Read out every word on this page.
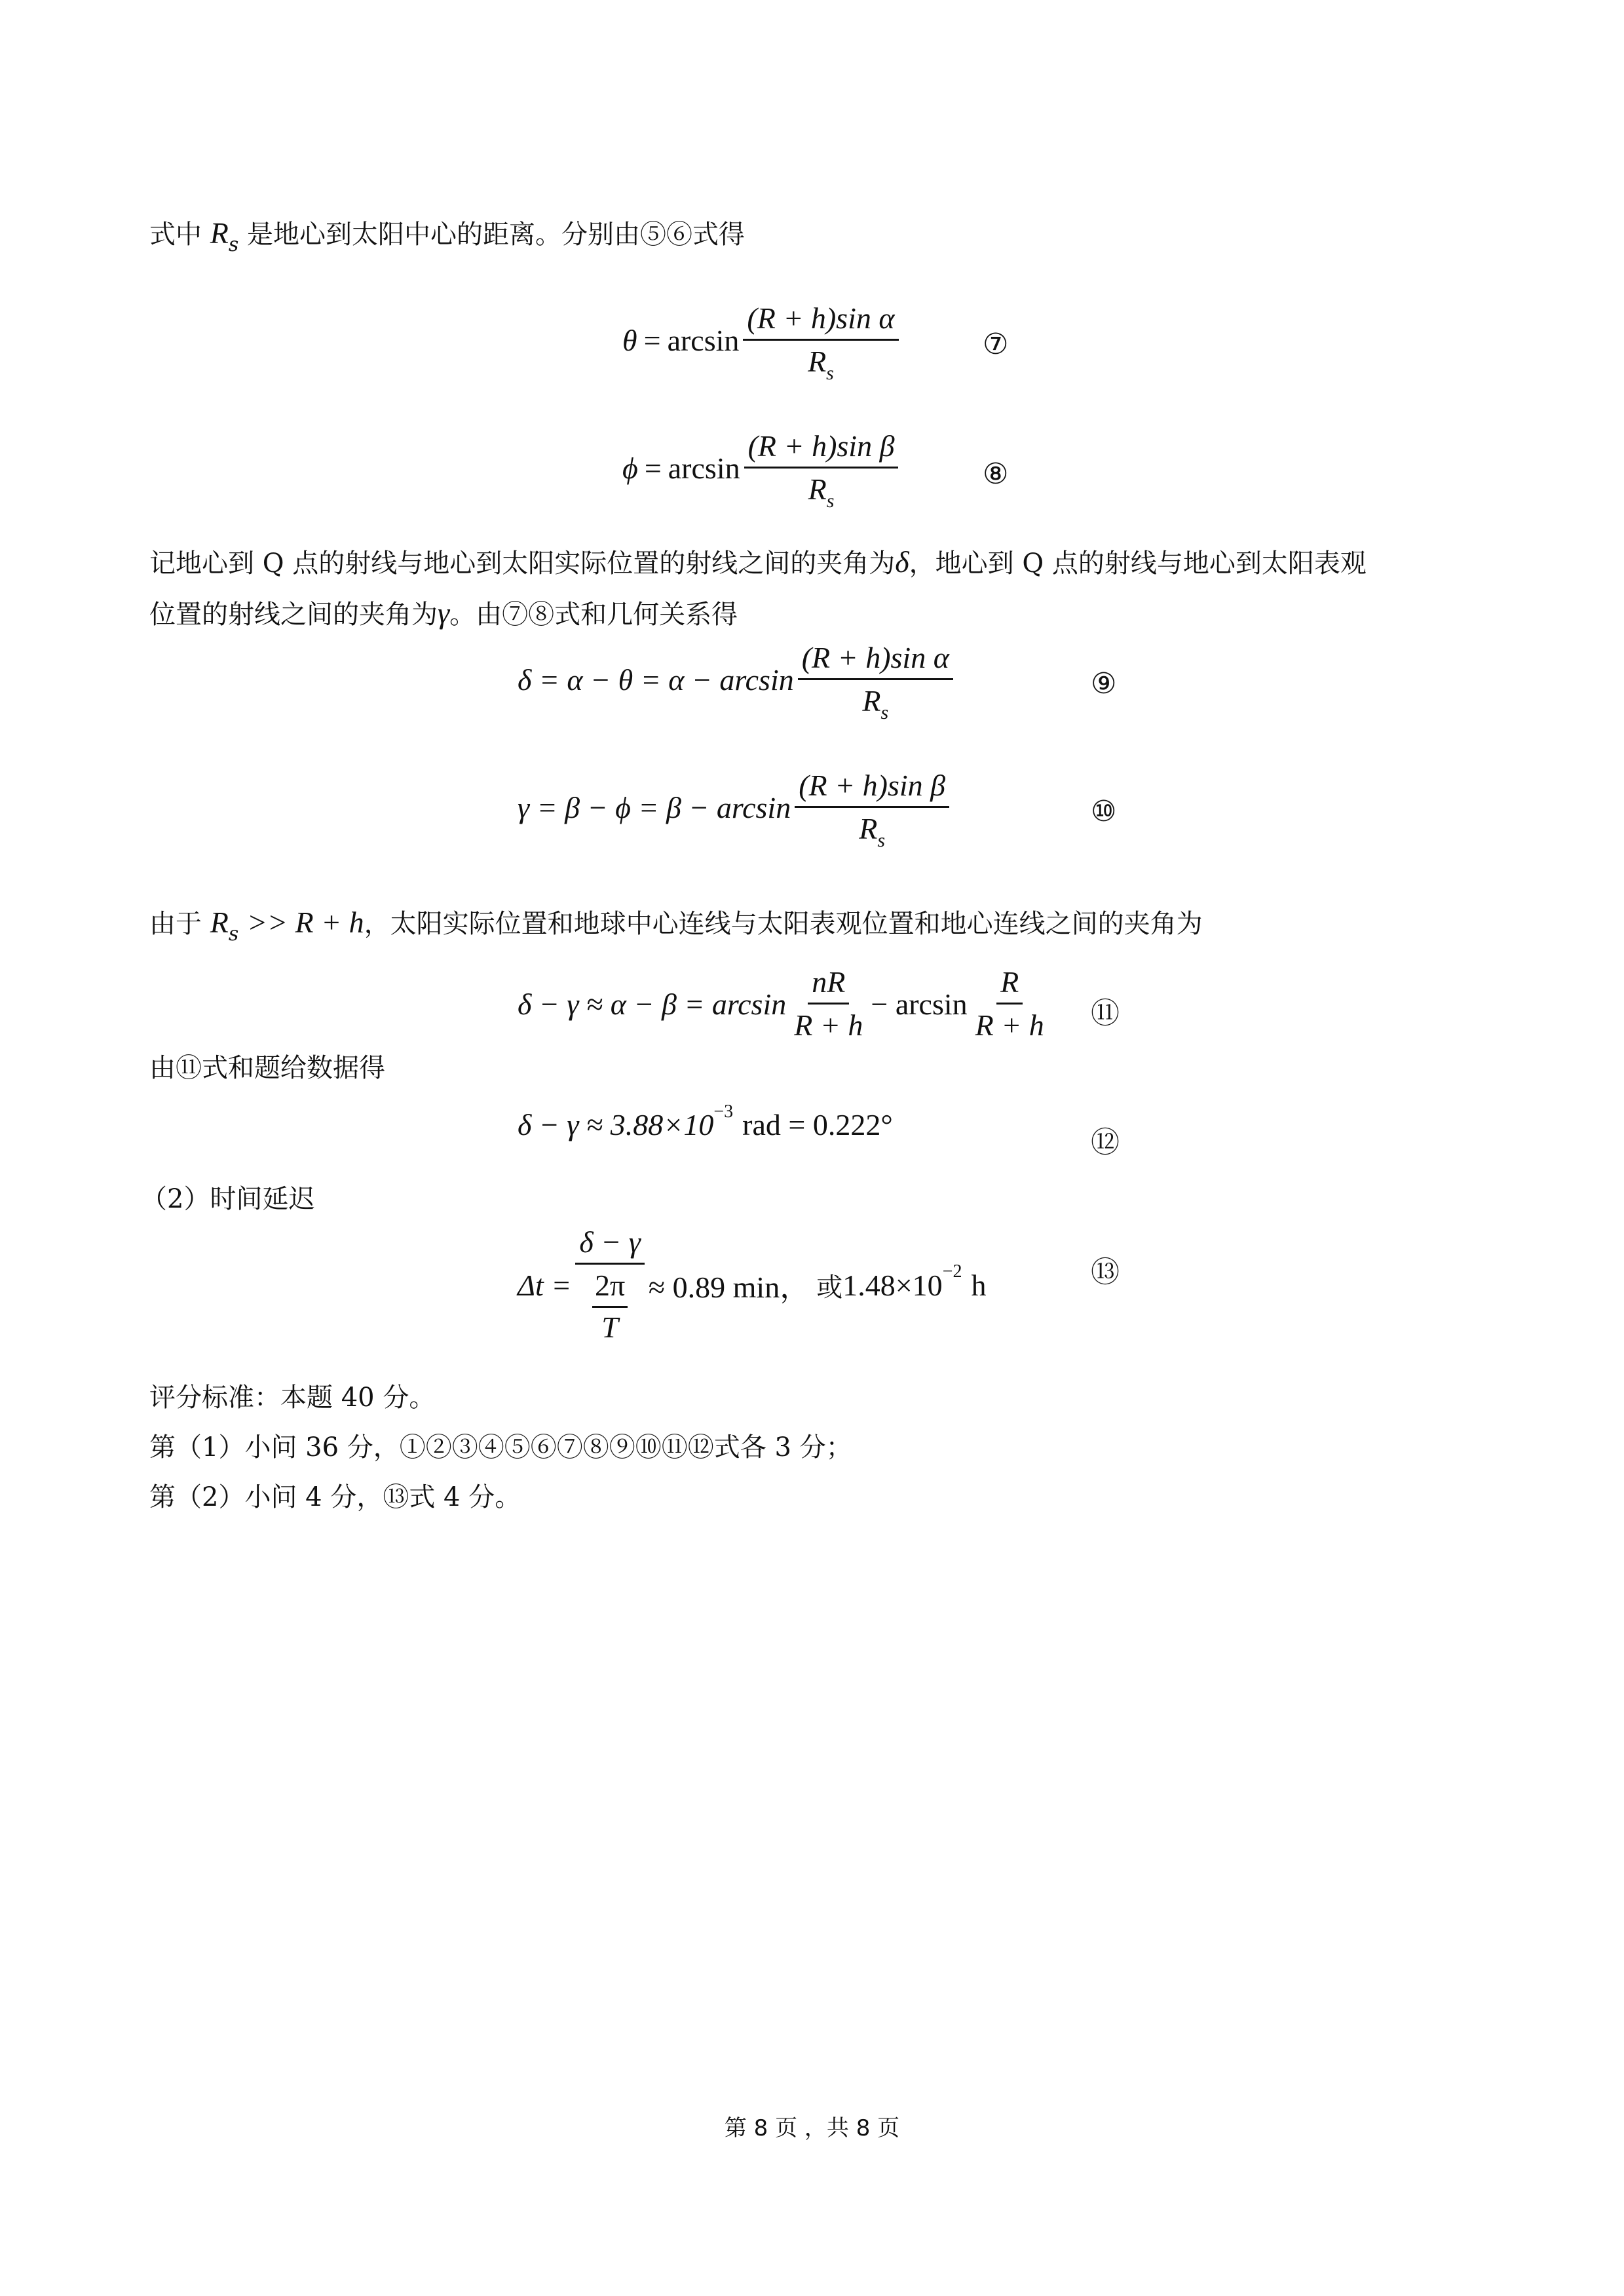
式中 $R_s$ 是地心到太阳中心的距离。分别由⑤⑥式得
$\theta = \arcsin \frac{\text{(R + h)sin α}}{R_s}$	⑦
$\phi = \arcsin \frac{\text{(R + h)sin β}}{R_s}$	⑧
记地心到 Q 点的射线与地心到太阳实际位置的射线之间的夹角为δ，地心到 Q 点的射线与地心到太阳表观
位置的射线之间的夹角为γ。由⑦⑧式和几何关系得
$\delta = \alpha - \theta = \alpha - \arcsin \frac{\text{(R + h)sin α}}{R_s}$	⑨
$\gamma = \beta - \phi = \beta - \arcsin \frac{\text{(R + h)sin β}}{R_s}$	⑩
由于 $R_s >> R + h$，太阳实际位置和地球中心连线与太阳表观位置和地心连线之间的夹角为
$\delta - \gamma \approx \alpha - \beta = \arcsin \frac{nR}{R + h} - \arcsin \frac{R}{R + h}$ ⑪
由⑪式和题给数据得
δ − γ ≈ 3.88×10 −3 rad = 0.222°
⑫
（2）时间延迟
$\Delta t = \frac{\delta - \gamma}{\frac{2\pi}{T}} \approx 0.89$ min， 或 1.48×10 −2 h	⑬
评分标准：本题 40 分。
第（1）小问 36 分，①②③④⑤⑥⑦⑧⑨⑩⑪⑫式各 3 分；
第（2）小问 4 分，⑬式 4 分。
第 8 页 ，共 8 页
